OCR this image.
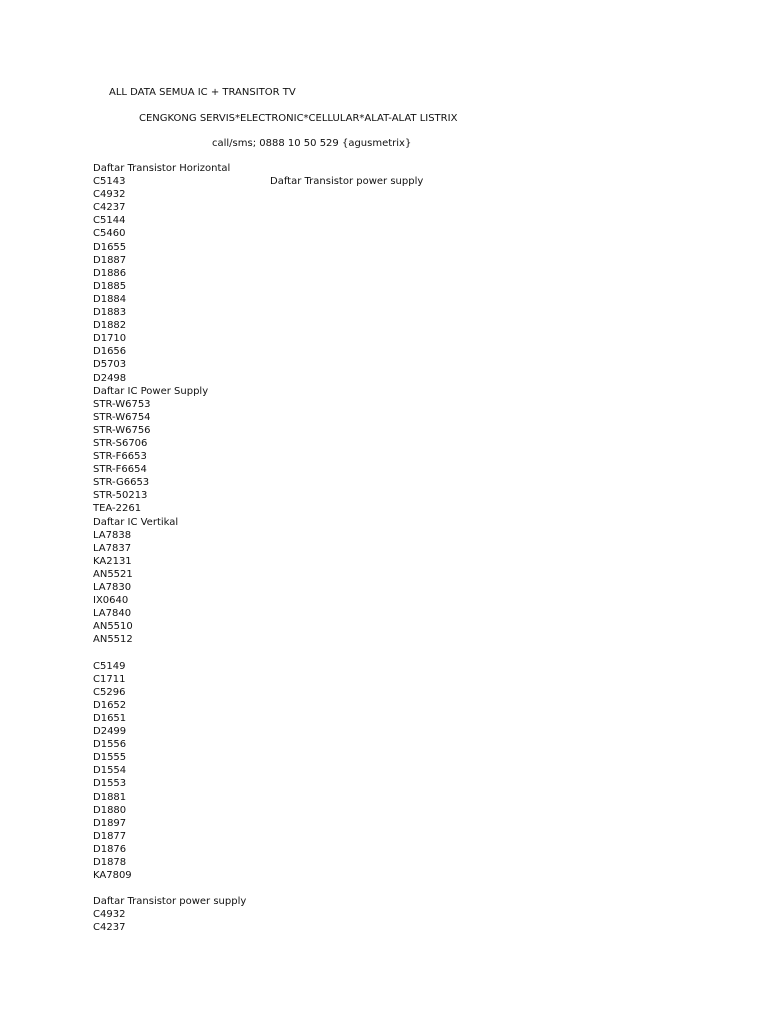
ALL DATA SEMUA IC + TRANSITOR TV
CENGKONG SERVIS*ELECTRONIC*CELLULAR*ALAT-ALAT LISTRIX
call/sms; 0888 10 50 529 {agusmetrix}
Daftar Transistor Horizontal
C5143
C4932
C4237
C5144
C5460
D1655
D1887
D1886
D1885
D1884
D1883
D1882
D1710
D1656
D5703
D2498
Daftar IC Power Supply
STR-W6753
STR-W6754
STR-W6756
STR-S6706
STR-F6653
STR-F6654
STR-G6653
STR-50213
TEA-2261
Daftar IC Vertikal
LA7838
LA7837
KA2131
AN5521
LA7830
IX0640
LA7840
AN5510
AN5512

C5149
C1711
C5296
D1652
D1651
D2499
D1556
D1555
D1554
D1553
D1881
D1880
D1897
D1877
D1876
D1878
KA7809

Daftar Transistor power supply
C4932
C4237
Daftar Transistor power supply
